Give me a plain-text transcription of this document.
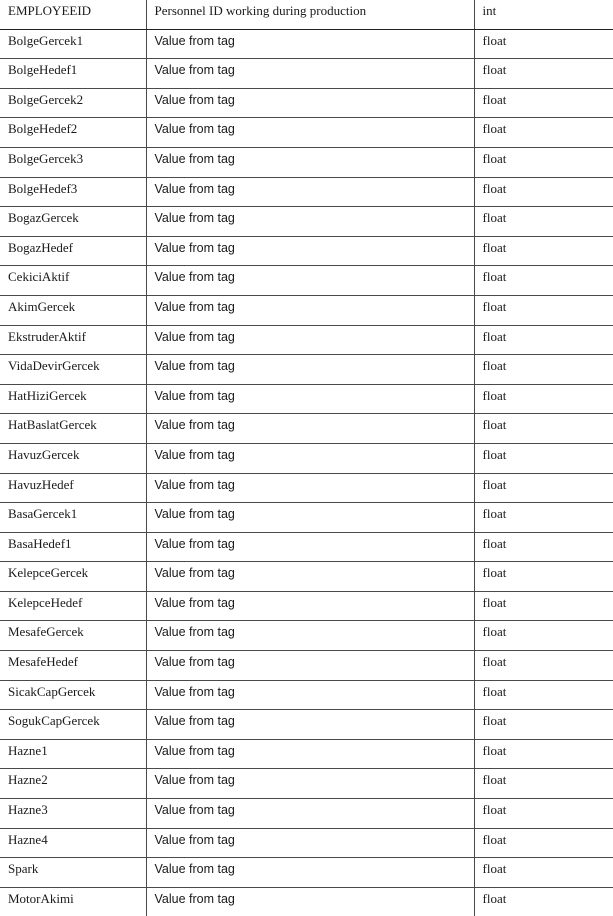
EMPLOYEEID	Personnel ID working during production	int
BolgeGercek1	Value from tag	float
BolgeHedef1	Value from tag	float
BolgeGercek2	Value from tag	float
BolgeHedef2	Value from tag	float
BolgeGercek3	Value from tag	float
BolgeHedef3	Value from tag	float
BogazGercek	Value from tag	float
BogazHedef	Value from tag	float
CekiciAktif	Value from tag	float
AkimGercek	Value from tag	float
EkstruderAktif	Value from tag	float
VidaDevirGercek	Value from tag	float
HatHiziGercek	Value from tag	float
HatBaslatGercek	Value from tag	float
HavuzGercek	Value from tag	float
HavuzHedef	Value from tag	float
BasaGercek1	Value from tag	float
BasaHedef1	Value from tag	float
KelepceGercek	Value from tag	float
KelepceHedef	Value from tag	float
MesafeGercek	Value from tag	float
MesafeHedef	Value from tag	float
SicakCapGercek	Value from tag	float
SogukCapGercek	Value from tag	float
Hazne1	Value from tag	float
Hazne2	Value from tag	float
Hazne3	Value from tag	float
Hazne4	Value from tag	float
Spark	Value from tag	float
MotorAkimi	Value from tag	float
